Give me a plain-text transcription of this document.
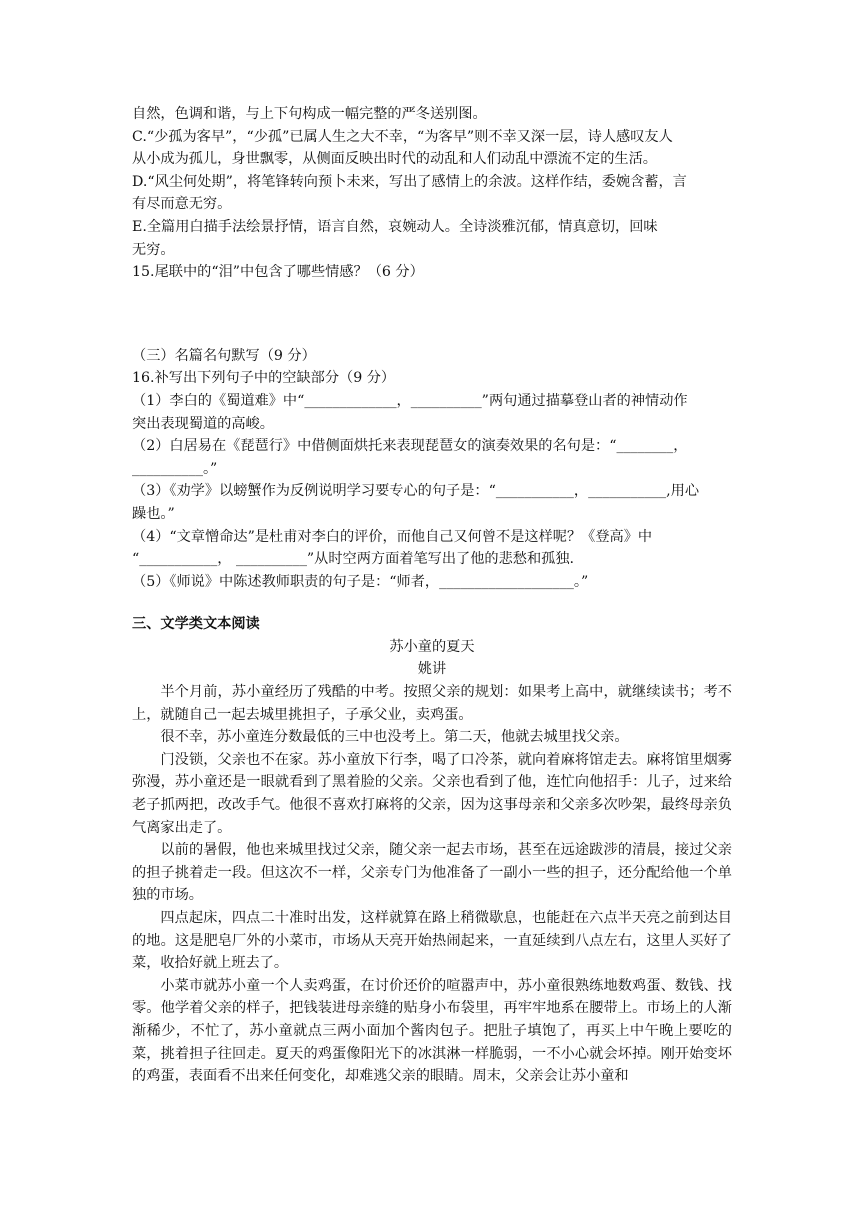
自然，色调和谐，与上下句构成一幅完整的严冬送别图。
C.“少孤为客早”，“少孤”已属人生之大不幸，“为客早”则不幸又深一层，诗人感叹友人
从小成为孤儿，身世飘零，从侧面反映出时代的动乱和人们动乱中漂流不定的生活。
D.“风尘何处期”，将笔锋转向预卜未来，写出了感情上的余波。这样作结，委婉含蓄，言
有尽而意无穷。
E.全篇用白描手法绘景抒情，语言自然，哀婉动人。全诗淡雅沉郁，情真意切，回味
无穷。
15.尾联中的“泪”中包含了哪些情感？（6 分）
（三）名篇名句默写（9 分）
16.补写出下列句子中的空缺部分（9 分）
（1）李白的《蜀道难》中“_____________，__________”两句通过描摹登山者的神情动作
突出表现蜀道的高峻。
（2）白居易在《琵琶行》中借侧面烘托来表现琵琶女的演奏效果的名句是：“________，
__________。”
（3）《劝学》以螃蟹作为反例说明学习要专心的句子是：“___________，___________,用心
躁也。”
（4）“文章憎命达”是杜甫对李白的评价，而他自己又何曾不是这样呢？《登高》中
“___________， __________”从时空两方面着笔写出了他的悲愁和孤独.
（5）《师说》中陈述教师职责的句子是：“师者，___________________。”
三、文学类文本阅读
苏小童的夏天
姚讲

半个月前，苏小童经历了残酷的中考。按照父亲的规划：如果考上高中，就继续读书；考不上，就随自己一起去城里挑担子，子承父业，卖鸡蛋。

很不幸，苏小童连分数最低的三中也没考上。第二天，他就去城里找父亲。

门没锁，父亲也不在家。苏小童放下行李，喝了口冷茶，就向着麻将馆走去。麻将馆里烟雾弥漫，苏小童还是一眼就看到了黑着脸的父亲。父亲也看到了他，连忙向他招手：儿子，过来给老子抓两把，改改手气。他很不喜欢打麻将的父亲，因为这事母亲和父亲多次吵架，最终母亲负气离家出走了。

以前的暑假，他也来城里找过父亲，随父亲一起去市场，甚至在远途跋涉的清晨，接过父亲的担子挑着走一段。但这次不一样，父亲专门为他准备了一副小一些的担子，还分配给他一个单独的市场。

四点起床，四点二十准时出发，这样就算在路上稍微歇息，也能赶在六点半天亮之前到达目的地。这是肥皂厂外的小菜市，市场从天亮开始热闹起来，一直延续到八点左右，这里人买好了菜，收拾好就上班去了。

小菜市就苏小童一个人卖鸡蛋，在讨价还价的喧嚣声中，苏小童很熟练地数鸡蛋、数钱、找零。他学着父亲的样子，把钱装进母亲缝的贴身小布袋里，再牢牢地系在腰带上。市场上的人渐渐稀少，不忙了，苏小童就点三两小面加个酱肉包子。把肚子填饱了，再买上中午晚上要吃的菜，挑着担子往回走。夏天的鸡蛋像阳光下的冰淇淋一样脆弱，一不小心就会坏掉。刚开始变坏的鸡蛋，表面看不出来任何变化，却难逃父亲的眼睛。周末，父亲会让苏小童和
